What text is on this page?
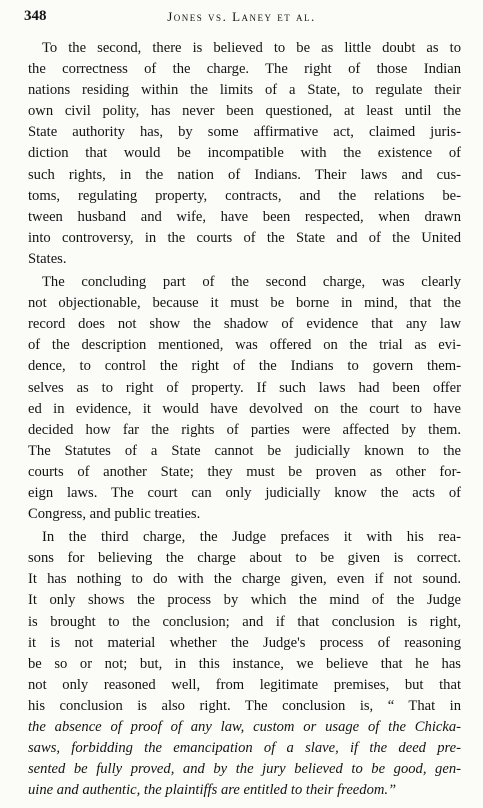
348	Jones vs. Laney et al.
To the second, there is believed to be as little doubt as to
the correctness of the charge. The right of those Indian
nations residing within the limits of a State, to regulate their
own civil polity, has never been questioned, at least until the
State authority has, by some affirmative act, claimed juris-
diction that would be incompatible with the existence of
such rights, in the nation of Indians. Their laws and cus-
toms, regulating property, contracts, and the relations be-
tween husband and wife, have been respected, when drawn
into controversy, in the courts of the State and of the United
States.
The concluding part of the second charge, was clearly
not objectionable, because it must be borne in mind, that the
record does not show the shadow of evidence that any law
of the description mentioned, was offered on the trial as evi-
dence, to control the right of the Indians to govern them-
selves as to right of property. If such laws had been offer
ed in evidence, it would have devolved on the court to have
decided how far the rights of parties were affected by them.
The Statutes of a State cannot be judicially known to the
courts of another State; they must be proven as other for-
eign laws. The court can only judicially know the acts of
Congress, and public treaties.
In the third charge, the Judge prefaces it with his rea-
sons for believing the charge about to be given is correct.
It has nothing to do with the charge given, even if not sound.
It only shows the process by which the mind of the Judge
is brought to the conclusion; and if that conclusion is right,
it is not material whether the Judge's process of reasoning
be so or not; but, in this instance, we believe that he has
not only reasoned well, from legitimate premises, but that
his conclusion is also right. The conclusion is, “ That in
the absence of proof of any law, custom or usage of the Chicka-
saws, forbidding the emancipation of a slave, if the deed pre-
sented be fully proved, and by the jury believed to be good, gen-
uine and authentic, the plaintiffs are entitled to their freedom.”
